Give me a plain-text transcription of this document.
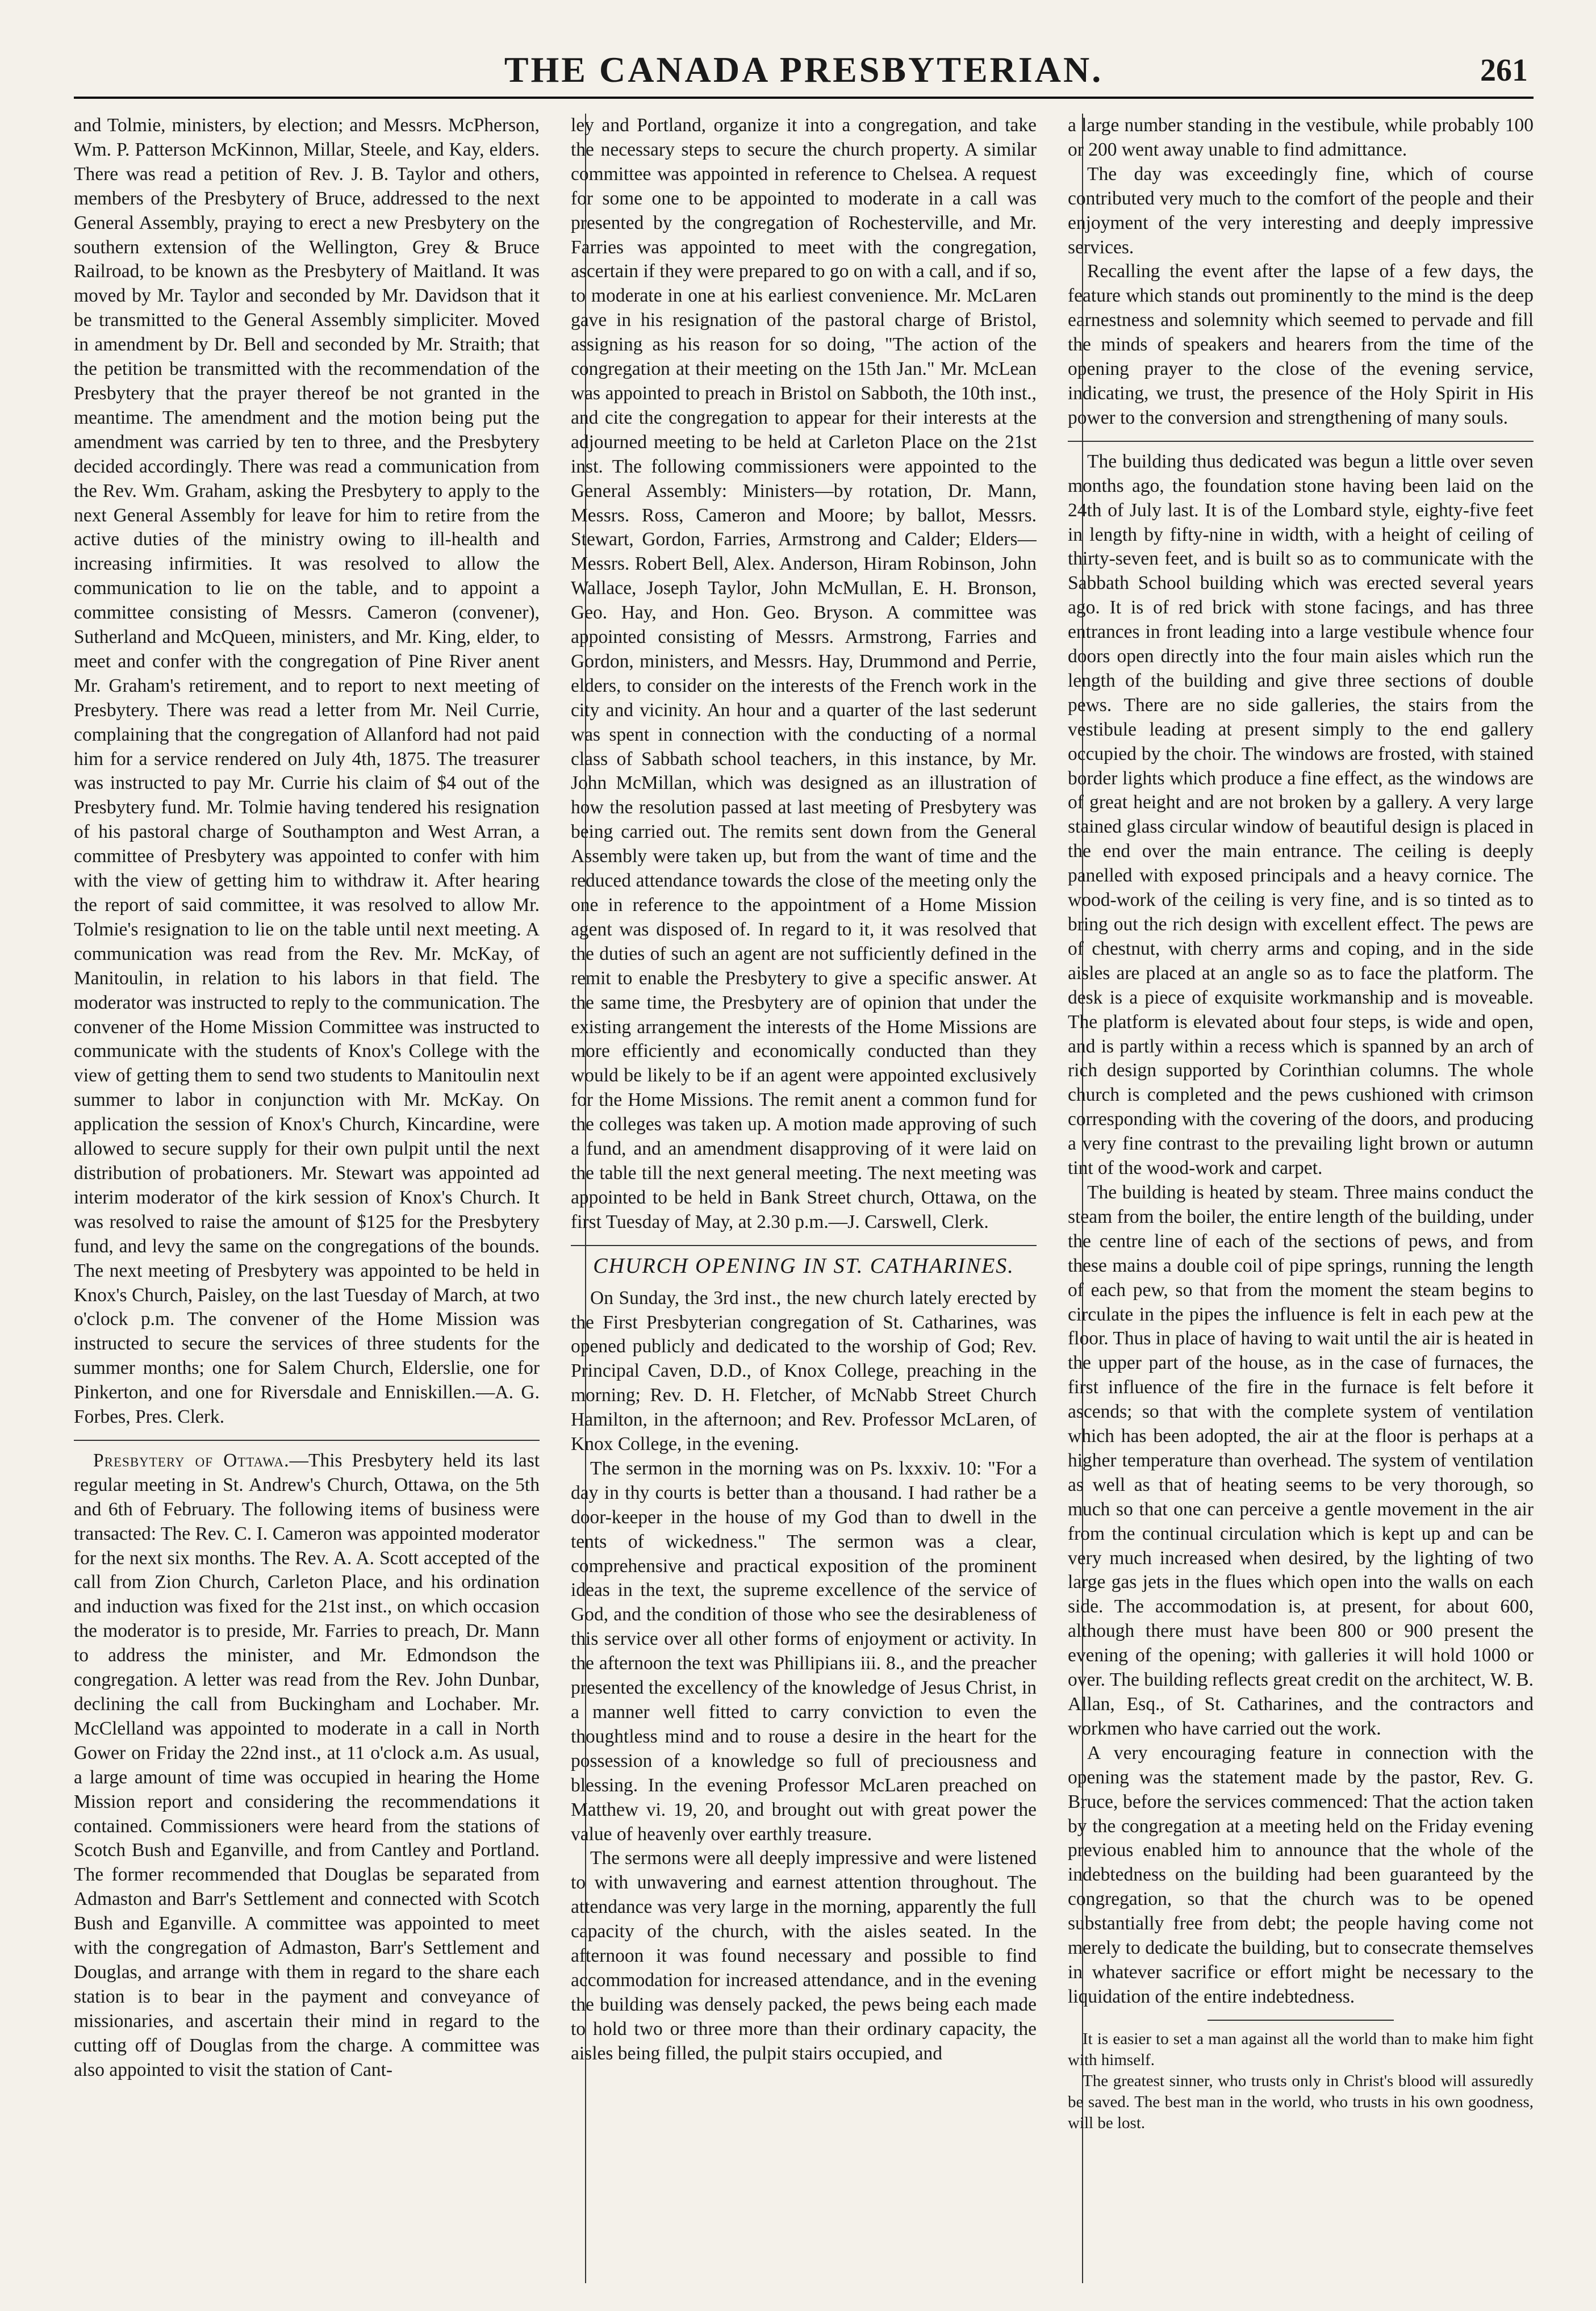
THE CANADA PRESBYTERIAN.	261

and Tolmie, ministers, by election; and Messrs. McPherson, Wm. P. Patterson McKinnon, Millar, Steele, and Kay, elders. There was read a petition of Rev. J. B. Taylor and others, members of the Presbytery of Bruce, addressed to the next General Assembly, praying to erect a new Presbytery on the southern extension of the Wellington, Grey & Bruce Railroad, to be known as the Presbytery of Maitland. It was moved by Mr. Taylor and seconded by Mr. Davidson that it be transmitted to the General Assembly simpliciter. Moved in amendment by Dr. Bell and seconded by Mr. Straith; that the petition be transmitted with the recommendation of the Presbytery that the prayer thereof be not granted in the meantime. The amendment and the motion being put the amendment was carried by ten to three, and the Presbytery decided accordingly. There was read a communication from the Rev. Wm. Graham, asking the Presbytery to apply to the next General Assembly for leave for him to retire from the active duties of the ministry owing to ill-health and increasing infirmities. It was resolved to allow the communication to lie on the table, and to appoint a committee consisting of Messrs. Cameron (convener), Sutherland and McQueen, ministers, and Mr. King, elder, to meet and confer with the congregation of Pine River anent Mr. Graham's retirement, and to report to next meeting of Presbytery. There was read a letter from Mr. Neil Currie, complaining that the congregation of Allanford had not paid him for a service rendered on July 4th, 1875. The treasurer was instructed to pay Mr. Currie his claim of $4 out of the Presbytery fund. Mr. Tolmie having tendered his resignation of his pastoral charge of Southampton and West Arran, a committee of Presbytery was appointed to confer with him with the view of getting him to withdraw it. After hearing the report of said committee, it was resolved to allow Mr. Tolmie's resignation to lie on the table until next meeting. A communication was read from the Rev. Mr. McKay, of Manitoulin, in relation to his labors in that field. The moderator was instructed to reply to the communication. The convener of the Home Mission Committee was instructed to communicate with the students of Knox's College with the view of getting them to send two students to Manitoulin next summer to labor in conjunction with Mr. McKay. On application the session of Knox's Church, Kincardine, were allowed to secure supply for their own pulpit until the next distribution of probationers. Mr. Stewart was appointed ad interim moderator of the kirk session of Knox's Church. It was resolved to raise the amount of $125 for the Presbytery fund, and levy the same on the congregations of the bounds. The next meeting of Presbytery was appointed to be held in Knox's Church, Paisley, on the last Tuesday of March, at two o'clock p.m. The convener of the Home Mission was instructed to secure the services of three students for the summer months; one for Salem Church, Elderslie, one for Pinkerton, and one for Riversdale and Enniskillen.—A. G. Forbes, Pres. Clerk.

Presbytery of Ottawa.—This Presbytery held its last regular meeting in St. Andrew's Church, Ottawa, on the 5th and 6th of February. The following items of business were transacted: The Rev. C. I. Cameron was appointed moderator for the next six months. The Rev. A. A. Scott accepted of the call from Zion Church, Carleton Place, and his ordination and induction was fixed for the 21st inst., on which occasion the moderator is to preside, Mr. Farries to preach, Dr. Mann to address the minister, and Mr. Edmondson the congregation. A letter was read from the Rev. John Dunbar, declining the call from Buckingham and Lochaber. Mr. McClelland was appointed to moderate in a call in North Gower on Friday the 22nd inst., at 11 o'clock a.m. As usual, a large amount of time was occupied in hearing the Home Mission report and considering the recommendations it contained. Commissioners were heard from the stations of Scotch Bush and Eganville, and from Cantley and Portland. The former recommended that Douglas be separated from Admaston and Barr's Settlement and connected with Scotch Bush and Eganville. A committee was appointed to meet with the congregation of Admaston, Barr's Settlement and Douglas, and arrange with them in regard to the share each station is to bear in the payment and conveyance of missionaries, and ascertain their mind in regard to the cutting off of Douglas from the charge. A committee was also appointed to visit the station of Cant-

ley and Portland, organize it into a congregation, and take the necessary steps to secure the church property. A similar committee was appointed in reference to Chelsea. A request for some one to be appointed to moderate in a call was presented by the congregation of Rochesterville, and Mr. Farries was appointed to meet with the congregation, ascertain if they were prepared to go on with a call, and if so, to moderate in one at his earliest convenience. Mr. McLaren gave in his resignation of the pastoral charge of Bristol, assigning as his reason for so doing, "The action of the congregation at their meeting on the 15th Jan." Mr. McLean was appointed to preach in Bristol on Sabboth, the 10th inst., and cite the congregation to appear for their interests at the adjourned meeting to be held at Carleton Place on the 21st inst. The following commissioners were appointed to the General Assembly: Ministers—by rotation, Dr. Mann, Messrs. Ross, Cameron and Moore; by ballot, Messrs. Stewart, Gordon, Farries, Armstrong and Calder; Elders—Messrs. Robert Bell, Alex. Anderson, Hiram Robinson, John Wallace, Joseph Taylor, John McMullan, E. H. Bronson, Geo. Hay, and Hon. Geo. Bryson. A committee was appointed consisting of Messrs. Armstrong, Farries and Gordon, ministers, and Messrs. Hay, Drummond and Perrie, elders, to consider on the interests of the French work in the city and vicinity. An hour and a quarter of the last sederunt was spent in connection with the conducting of a normal class of Sabbath school teachers, in this instance, by Mr. John McMillan, which was designed as an illustration of how the resolution passed at last meeting of Presbytery was being carried out. The remits sent down from the General Assembly were taken up, but from the want of time and the reduced attendance towards the close of the meeting only the one in reference to the appointment of a Home Mission agent was disposed of. In regard to it, it was resolved that the duties of such an agent are not sufficiently defined in the remit to enable the Presbytery to give a specific answer. At the same time, the Presbytery are of opinion that under the existing arrangement the interests of the Home Missions are more efficiently and economically conducted than they would be likely to be if an agent were appointed exclusively for the Home Missions. The remit anent a common fund for the colleges was taken up. A motion made approving of such a fund, and an amendment disapproving of it were laid on the table till the next general meeting. The next meeting was appointed to be held in Bank Street church, Ottawa, on the first Tuesday of May, at 2.30 p.m.—J. Carswell, Clerk.

CHURCH OPENING IN ST. CATHARINES.

On Sunday, the 3rd inst., the new church lately erected by the First Presbyterian congregation of St. Catharines, was opened publicly and dedicated to the worship of God; Rev. Principal Caven, D.D., of Knox College, preaching in the morning; Rev. D. H. Fletcher, of McNabb Street Church Hamilton, in the afternoon; and Rev. Professor McLaren, of Knox College, in the evening.

The sermon in the morning was on Ps. lxxxiv. 10: "For a day in thy courts is better than a thousand. I had rather be a door-keeper in the house of my God than to dwell in the tents of wickedness." The sermon was a clear, comprehensive and practical exposition of the prominent ideas in the text, the supreme excellence of the service of God, and the condition of those who see the desirableness of this service over all other forms of enjoyment or activity. In the afternoon the text was Phillipians iii. 8., and the preacher presented the excellency of the knowledge of Jesus Christ, in a manner well fitted to carry conviction to even the thoughtless mind and to rouse a desire in the heart for the possession of a knowledge so full of preciousness and blessing. In the evening Professor McLaren preached on Matthew vi. 19, 20, and brought out with great power the value of heavenly over earthly treasure.

The sermons were all deeply impressive and were listened to with unwavering and earnest attention throughout. The attendance was very large in the morning, apparently the full capacity of the church, with the aisles seated. In the afternoon it was found necessary and possible to find accommodation for increased attendance, and in the evening the building was densely packed, the pews being each made to hold two or three more than their ordinary capacity, the aisles being filled, the pulpit stairs occupied, and

a large number standing in the vestibule, while probably 100 or 200 went away unable to find admittance.

The day was exceedingly fine, which of course contributed very much to the comfort of the people and their enjoyment of the very interesting and deeply impressive services.

Recalling the event after the lapse of a few days, the feature which stands out prominently to the mind is the deep earnestness and solemnity which seemed to pervade and fill the minds of speakers and hearers from the time of the opening prayer to the close of the evening service, indicating, we trust, the presence of the Holy Spirit in His power to the conversion and strengthening of many souls.

The building thus dedicated was begun a little over seven months ago, the foundation stone having been laid on the 24th of July last. It is of the Lombard style, eighty-five feet in length by fifty-nine in width, with a height of ceiling of thirty-seven feet, and is built so as to communicate with the Sabbath School building which was erected several years ago. It is of red brick with stone facings, and has three entrances in front leading into a large vestibule whence four doors open directly into the four main aisles which run the length of the building and give three sections of double pews. There are no side galleries, the stairs from the vestibule leading at present simply to the end gallery occupied by the choir. The windows are frosted, with stained border lights which produce a fine effect, as the windows are of great height and are not broken by a gallery. A very large stained glass circular window of beautiful design is placed in the end over the main entrance. The ceiling is deeply panelled with exposed principals and a heavy cornice. The wood-work of the ceiling is very fine, and is so tinted as to bring out the rich design with excellent effect. The pews are of chestnut, with cherry arms and coping, and in the side aisles are placed at an angle so as to face the platform. The desk is a piece of exquisite workmanship and is moveable. The platform is elevated about four steps, is wide and open, and is partly within a recess which is spanned by an arch of rich design supported by Corinthian columns. The whole church is completed and the pews cushioned with crimson corresponding with the covering of the doors, and producing a very fine contrast to the prevailing light brown or autumn tint of the wood-work and carpet.

The building is heated by steam. Three mains conduct the steam from the boiler, the entire length of the building, under the centre line of each of the sections of pews, and from these mains a double coil of pipe springs, running the length of each pew, so that from the moment the steam begins to circulate in the pipes the influence is felt in each pew at the floor. Thus in place of having to wait until the air is heated in the upper part of the house, as in the case of furnaces, the first influence of the fire in the furnace is felt before it ascends; so that with the complete system of ventilation which has been adopted, the air at the floor is perhaps at a higher temperature than overhead. The system of ventilation as well as that of heating seems to be very thorough, so much so that one can perceive a gentle movement in the air from the continual circulation which is kept up and can be very much increased when desired, by the lighting of two large gas jets in the flues which open into the walls on each side. The accommodation is, at present, for about 600, although there must have been 800 or 900 present the evening of the opening; with galleries it will hold 1000 or over. The building reflects great credit on the architect, W. B. Allan, Esq., of St. Catharines, and the contractors and workmen who have carried out the work.

A very encouraging feature in connection with the opening was the statement made by the pastor, Rev. G. Bruce, before the services commenced: That the action taken by the congregation at a meeting held on the Friday evening previous enabled him to announce that the whole of the indebtedness on the building had been guaranteed by the congregation, so that the church was to be opened substantially free from debt; the people having come not merely to dedicate the building, but to consecrate themselves in whatever sacrifice or effort might be necessary to the liquidation of the entire indebtedness.

It is easier to set a man against all the world than to make him fight with himself.

The greatest sinner, who trusts only in Christ's blood will assuredly be saved. The best man in the world, who trusts in his own goodness, will be lost.
